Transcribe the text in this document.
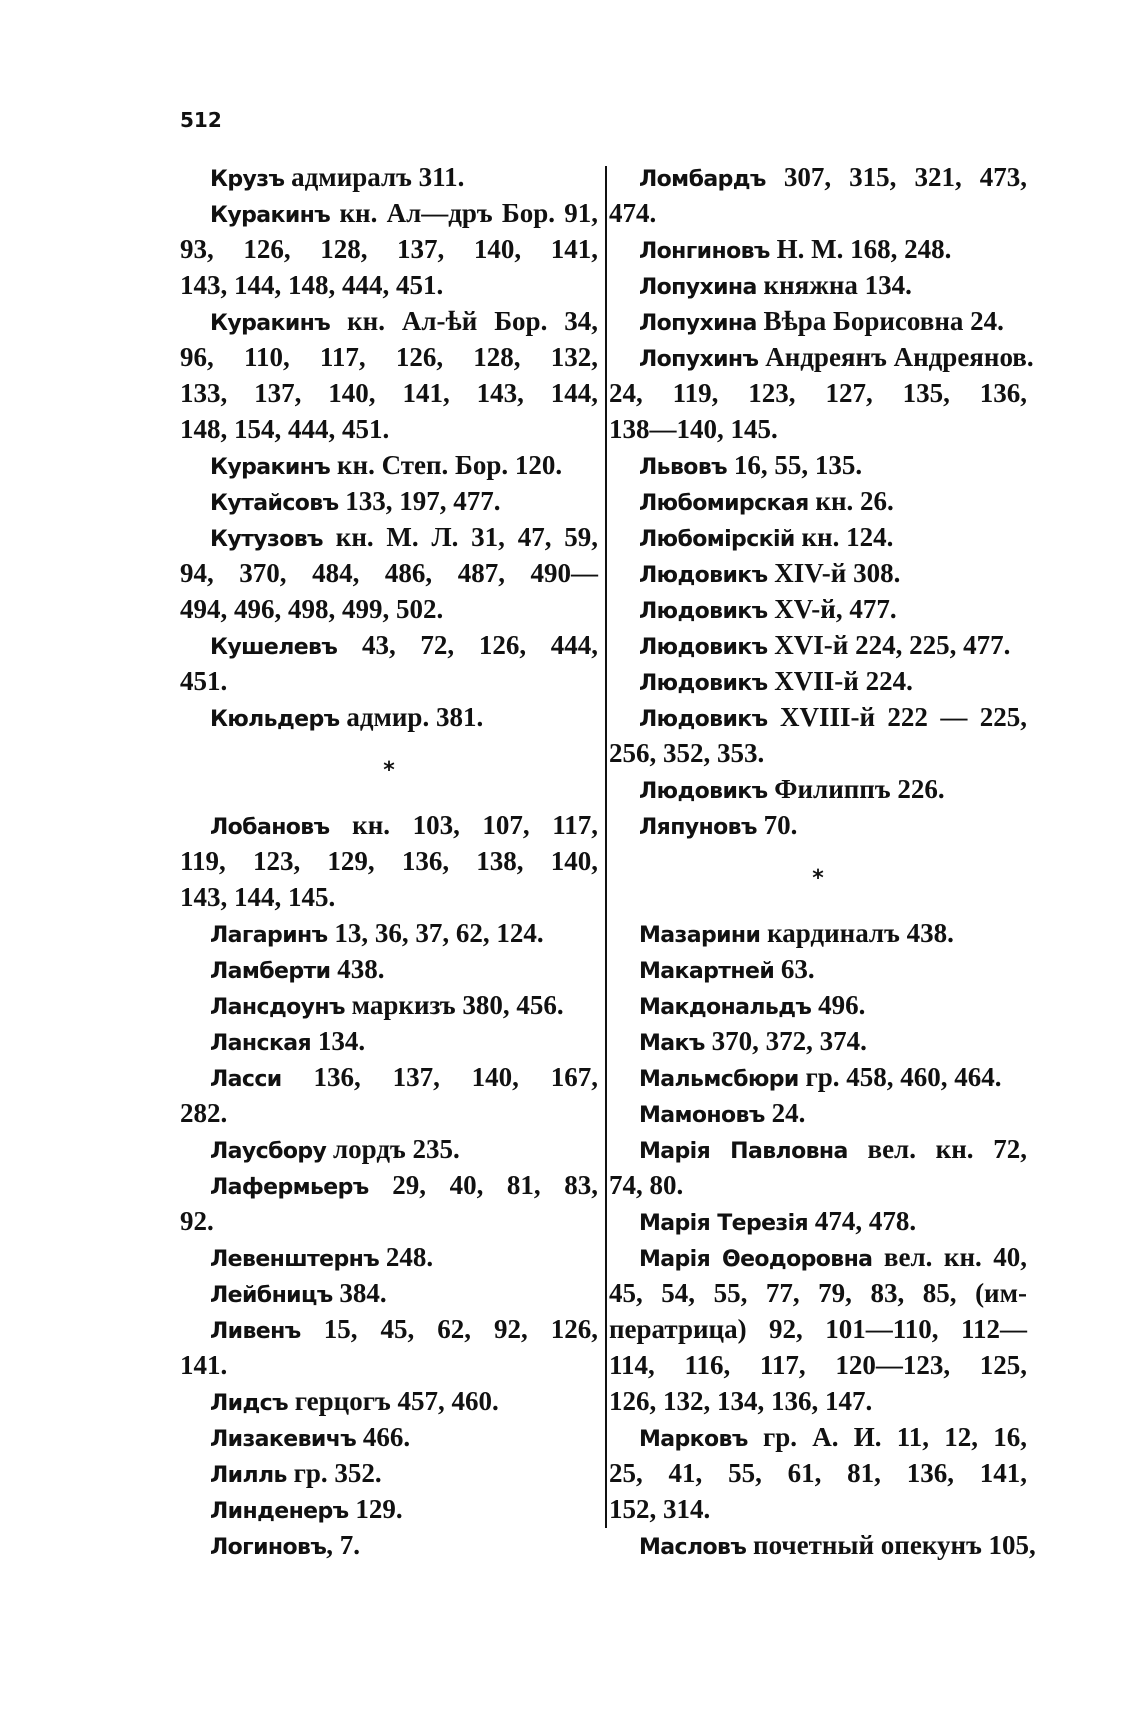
512
Крузъ адмиралъ 311.
Куракинъ кн. Ал—дръ Бор. 91,
93, 126, 128, 137, 140, 141,
143, 144, 148, 444, 451.
Куракинъ кн. Ал-ѣй Бор. 34,
96, 110, 117, 126, 128, 132,
133, 137, 140, 141, 143, 144,
148, 154, 444, 451.
Куракинъ кн. Степ. Бор. 120.
Кутайсовъ 133, 197, 477.
Кутузовъ кн. М. Л. 31, 47, 59,
94, 370, 484, 486, 487, 490—
494, 496, 498, 499, 502.
Кушелевъ 43, 72, 126, 444,
451.
Кюльдеръ адмир. 381.
*
Лобановъ кн. 103, 107, 117,
119, 123, 129, 136, 138, 140,
143, 144, 145.
Лагаринъ 13, 36, 37, 62, 124.
Ламберти 438.
Лансдоунъ маркизъ 380, 456.
Ланская 134.
Ласси 136, 137, 140, 167,
282.
Лаусбору лордъ 235.
Лафермьеръ 29, 40, 81, 83,
92.
Левенштернъ 248.
Лейбницъ 384.
Ливенъ 15, 45, 62, 92, 126,
141.
Лидсъ герцогъ 457, 460.
Лизакевичъ 466.
Лилль гр. 352.
Линденеръ 129.
Логиновъ, 7.
Ломбардъ 307, 315, 321, 473,
474.
Лонгиновъ Н. М. 168, 248.
Лопухина княжна 134.
Лопухина Вѣра Борисовна 24.
Лопухинъ Андреянъ Андреянов.
24, 119, 123, 127, 135, 136,
138—140, 145.
Львовъ 16, 55, 135.
Любомирская кн. 26.
Любомірскій кн. 124.
Людовикъ XIV-й 308.
Людовикъ XV-й, 477.
Людовикъ XVI-й 224, 225, 477.
Людовикъ XVII-й 224.
Людовикъ XVIII-й 222 — 225,
256, 352, 353.
Людовикъ Филиппъ 226.
Ляпуновъ 70.
*
Мазарини кардиналъ 438.
Макартней 63.
Макдональдъ 496.
Макъ 370, 372, 374.
Мальмсбюри гр. 458, 460, 464.
Мамоновъ 24.
Марія Павловна вел. кн. 72,
74, 80.
Марія Терезія 474, 478.
Марія Θеодоровна вел. кн. 40,
45, 54, 55, 77, 79, 83, 85, (им-
ператрица) 92, 101—110, 112—
114, 116, 117, 120—123, 125,
126, 132, 134, 136, 147.
Марковъ гр. А. И. 11, 12, 16,
25, 41, 55, 61, 81, 136, 141,
152, 314.
Масловъ почетный опекунъ 105,
